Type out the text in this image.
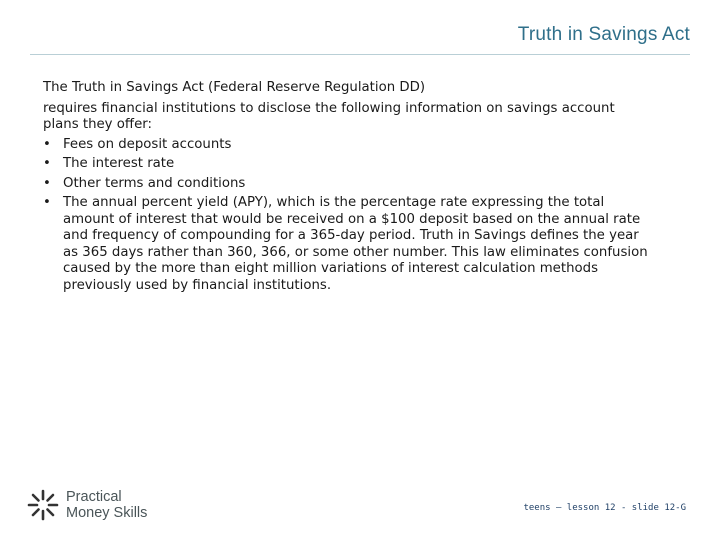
Truth in Savings Act

The Truth in Savings Act (Federal Reserve Regulation DD)

requires financial institutions to disclose the following information on savings account plans they offer:

• Fees on deposit accounts
• The interest rate
• Other terms and conditions
• The annual percent yield (APY), which is the percentage rate expressing the total amount of interest that would be received on a $100 deposit based on the annual rate and frequency of compounding for a 365-day period. Truth in Savings defines the year as 365 days rather than 360, 366, or some other number. This law eliminates confusion caused by the more than eight million variations of interest calculation methods previously used by financial institutions.
Practical
Money Skills	teens – lesson 12 - slide 12-G
